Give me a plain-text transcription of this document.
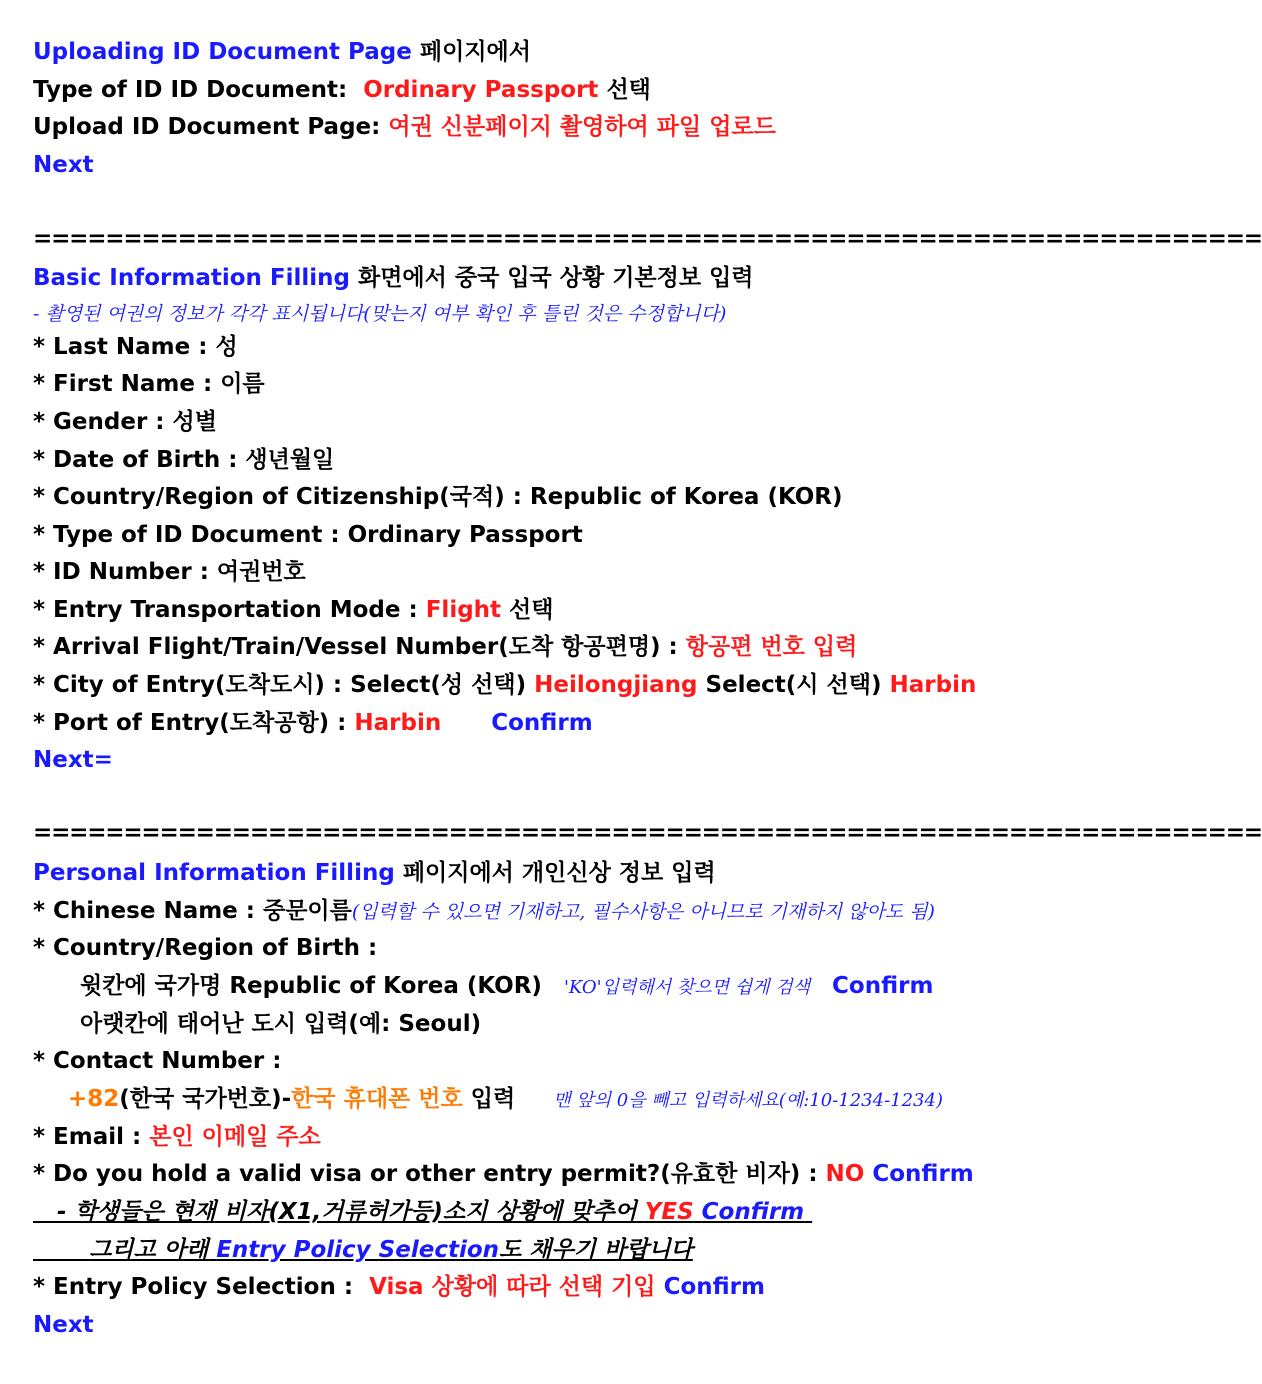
Uploading ID Document Page 페이지에서
Type of ID ID Document: Ordinary Passport 선택
Upload ID Document Page: 여권 신분페이지 촬영하여 파일 업로드
Next
====================================================================
Basic Information Filling 화면에서 중국 입국 상황 기본정보 입력
- 촬영된 여권의 정보가 각각 표시됩니다(맞는지 여부 확인 후 틀린 것은 수정합니다)
* Last Name : 성
* First Name : 이름
* Gender : 성별
* Date of Birth : 생년월일
* Country/Region of Citizenship(국적) : Republic of Korea (KOR)
* Type of ID Document : Ordinary Passport
* ID Number : 여권번호
* Entry Transportation Mode : Flight 선택
* Arrival Flight/Train/Vessel Number(도착 항공편명) : 항공편 번호 입력
* City of Entry(도착도시) : Select(성 선택) Heilongjiang Select(시 선택) Harbin
* Port of Entry(도착공항) : Harbin Confirm
Next=
====================================================================
Personal Information Filling 페이지에서 개인신상 정보 입력
* Chinese Name : 중문이름(입력할 수 있으면 기재하고, 필수사항은 아니므로 기재하지 않아도 됨)
* Country/Region of Birth :
윗칸에 국가명 Republic of Korea (KOR) 'KO'입력해서 찾으면 쉽게 검색 Confirm
아랫칸에 태어난 도시 입력(예: Seoul)
* Contact Number :
+82(한국 국가번호)-한국 휴대폰 번호 입력 맨 앞의 0을 빼고 입력하세요(예:10-1234-1234)
* Email : 본인 이메일 주소
* Do you hold a valid visa or other entry permit?(유효한 비자) : NO Confirm
- 학생들은 현재 비자(X1,거류허가등)소지 상황에 맞추어 YES Confirm
그리고 아래 Entry Policy Selection도 채우기 바랍니다
* Entry Policy Selection : Visa 상황에 따라 선택 기입 Confirm
Next
